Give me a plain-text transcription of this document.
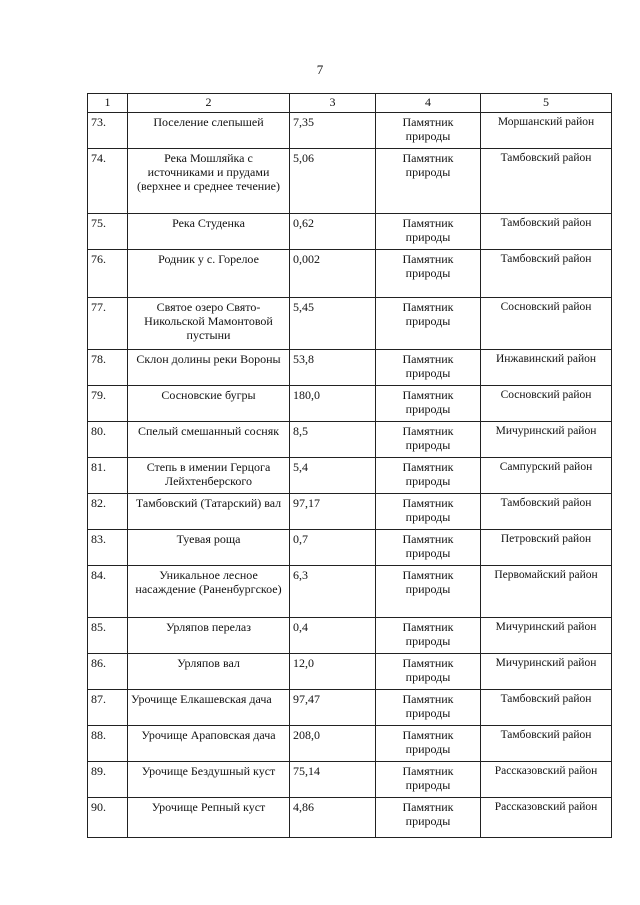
7
1	2	3	4	5
73.	Поселение слепышей	7,35	Памятник природы	Моршанский район
74.	Река Мошляйка с источниками и прудами (верхнее и среднее течение)	5,06	Памятник природы	Тамбовский район
75.	Река Студенка	0,62	Памятник природы	Тамбовский район
76.	Родник у с. Горелое	0,002	Памятник природы	Тамбовский район
77.	Святое озеро Свято-Никольской Мамонтовой пустыни	5,45	Памятник природы	Сосновский район
78.	Склон долины реки Вороны	53,8	Памятник природы	Инжавинский район
79.	Сосновские бугры	180,0	Памятник природы	Сосновский район
80.	Спелый смешанный сосняк	8,5	Памятник природы	Мичуринский район
81.	Степь в имении Герцога Лейхтенберского	5,4	Памятник природы	Сампурский район
82.	Тамбовский (Татарский) вал	97,17	Памятник природы	Тамбовский район
83.	Туевая роща	0,7	Памятник природы	Петровский район
84.	Уникальное лесное насаждение (Раненбургское)	6,3	Памятник природы	Первомайский район
85.	Урляпов перелаз	0,4	Памятник природы	Мичуринский район
86.	Урляпов вал	12,0	Памятник природы	Мичуринский район
87.	Урочище Елкашевская дача	97,47	Памятник природы	Тамбовский район
88.	Урочище Араповская дача	208,0	Памятник природы	Тамбовский район
89.	Урочище Бездушный куст	75,14	Памятник природы	Рассказовский район
90.	Урочище Репный куст	4,86	Памятник природы	Рассказовский район
